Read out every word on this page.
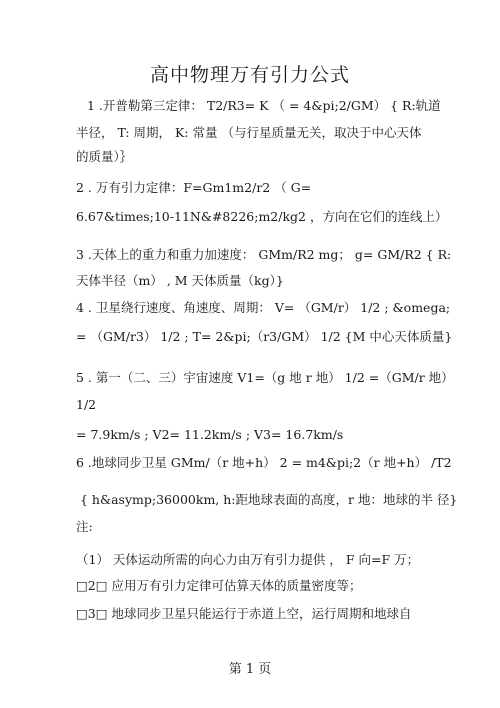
高中物理万有引力公式
1 .开普勒第三定律： T2/R3= K （ = 4&pi;2/GM） { R:轨道
半径， T: 周期， K: 常量 （与行星质量无关，取决于中心天体
的质量）｝
2 . 万有引力定律：F=Gm1m2/r2 （ G=
6.67&times;10-11N&#8226;m2/kg2 ，方向在它们的连线上）
3 .天体上的重力和重力加速度： GMm/R2 mg； g= GM/R2 { R:
天体半径（m） , M 天体质量（kg）}
4 . 卫星绕行速度、角速度、周期： V= （GM/r） 1/2 ; &omega;
= （GM/r3） 1/2 ; T= 2&pi;（r3/GM） 1/2 {M 中心天体质量}
5 . 第一（二、三）宇宙速度 V1=（g 地 r 地） 1/2 =（GM/r 地）
1/2
= 7.9km/s ; V2= 11.2km/s ; V3= 16.7km/s
6 .地球同步卫星 GMm/（r 地+h） 2 = m4&pi;2（r 地+h） /T2
{ h&asymp;36000km, h:距地球表面的高度，r 地：地球的半 径}
注:
（1） 天体运动所需的向心力由万有引力提供 ， F 向=F 万；
□2□ 应用万有引力定律可估算天体的质量密度等；
□3□ 地球同步卫星只能运行于赤道上空，运行周期和地球自
第 1 页
